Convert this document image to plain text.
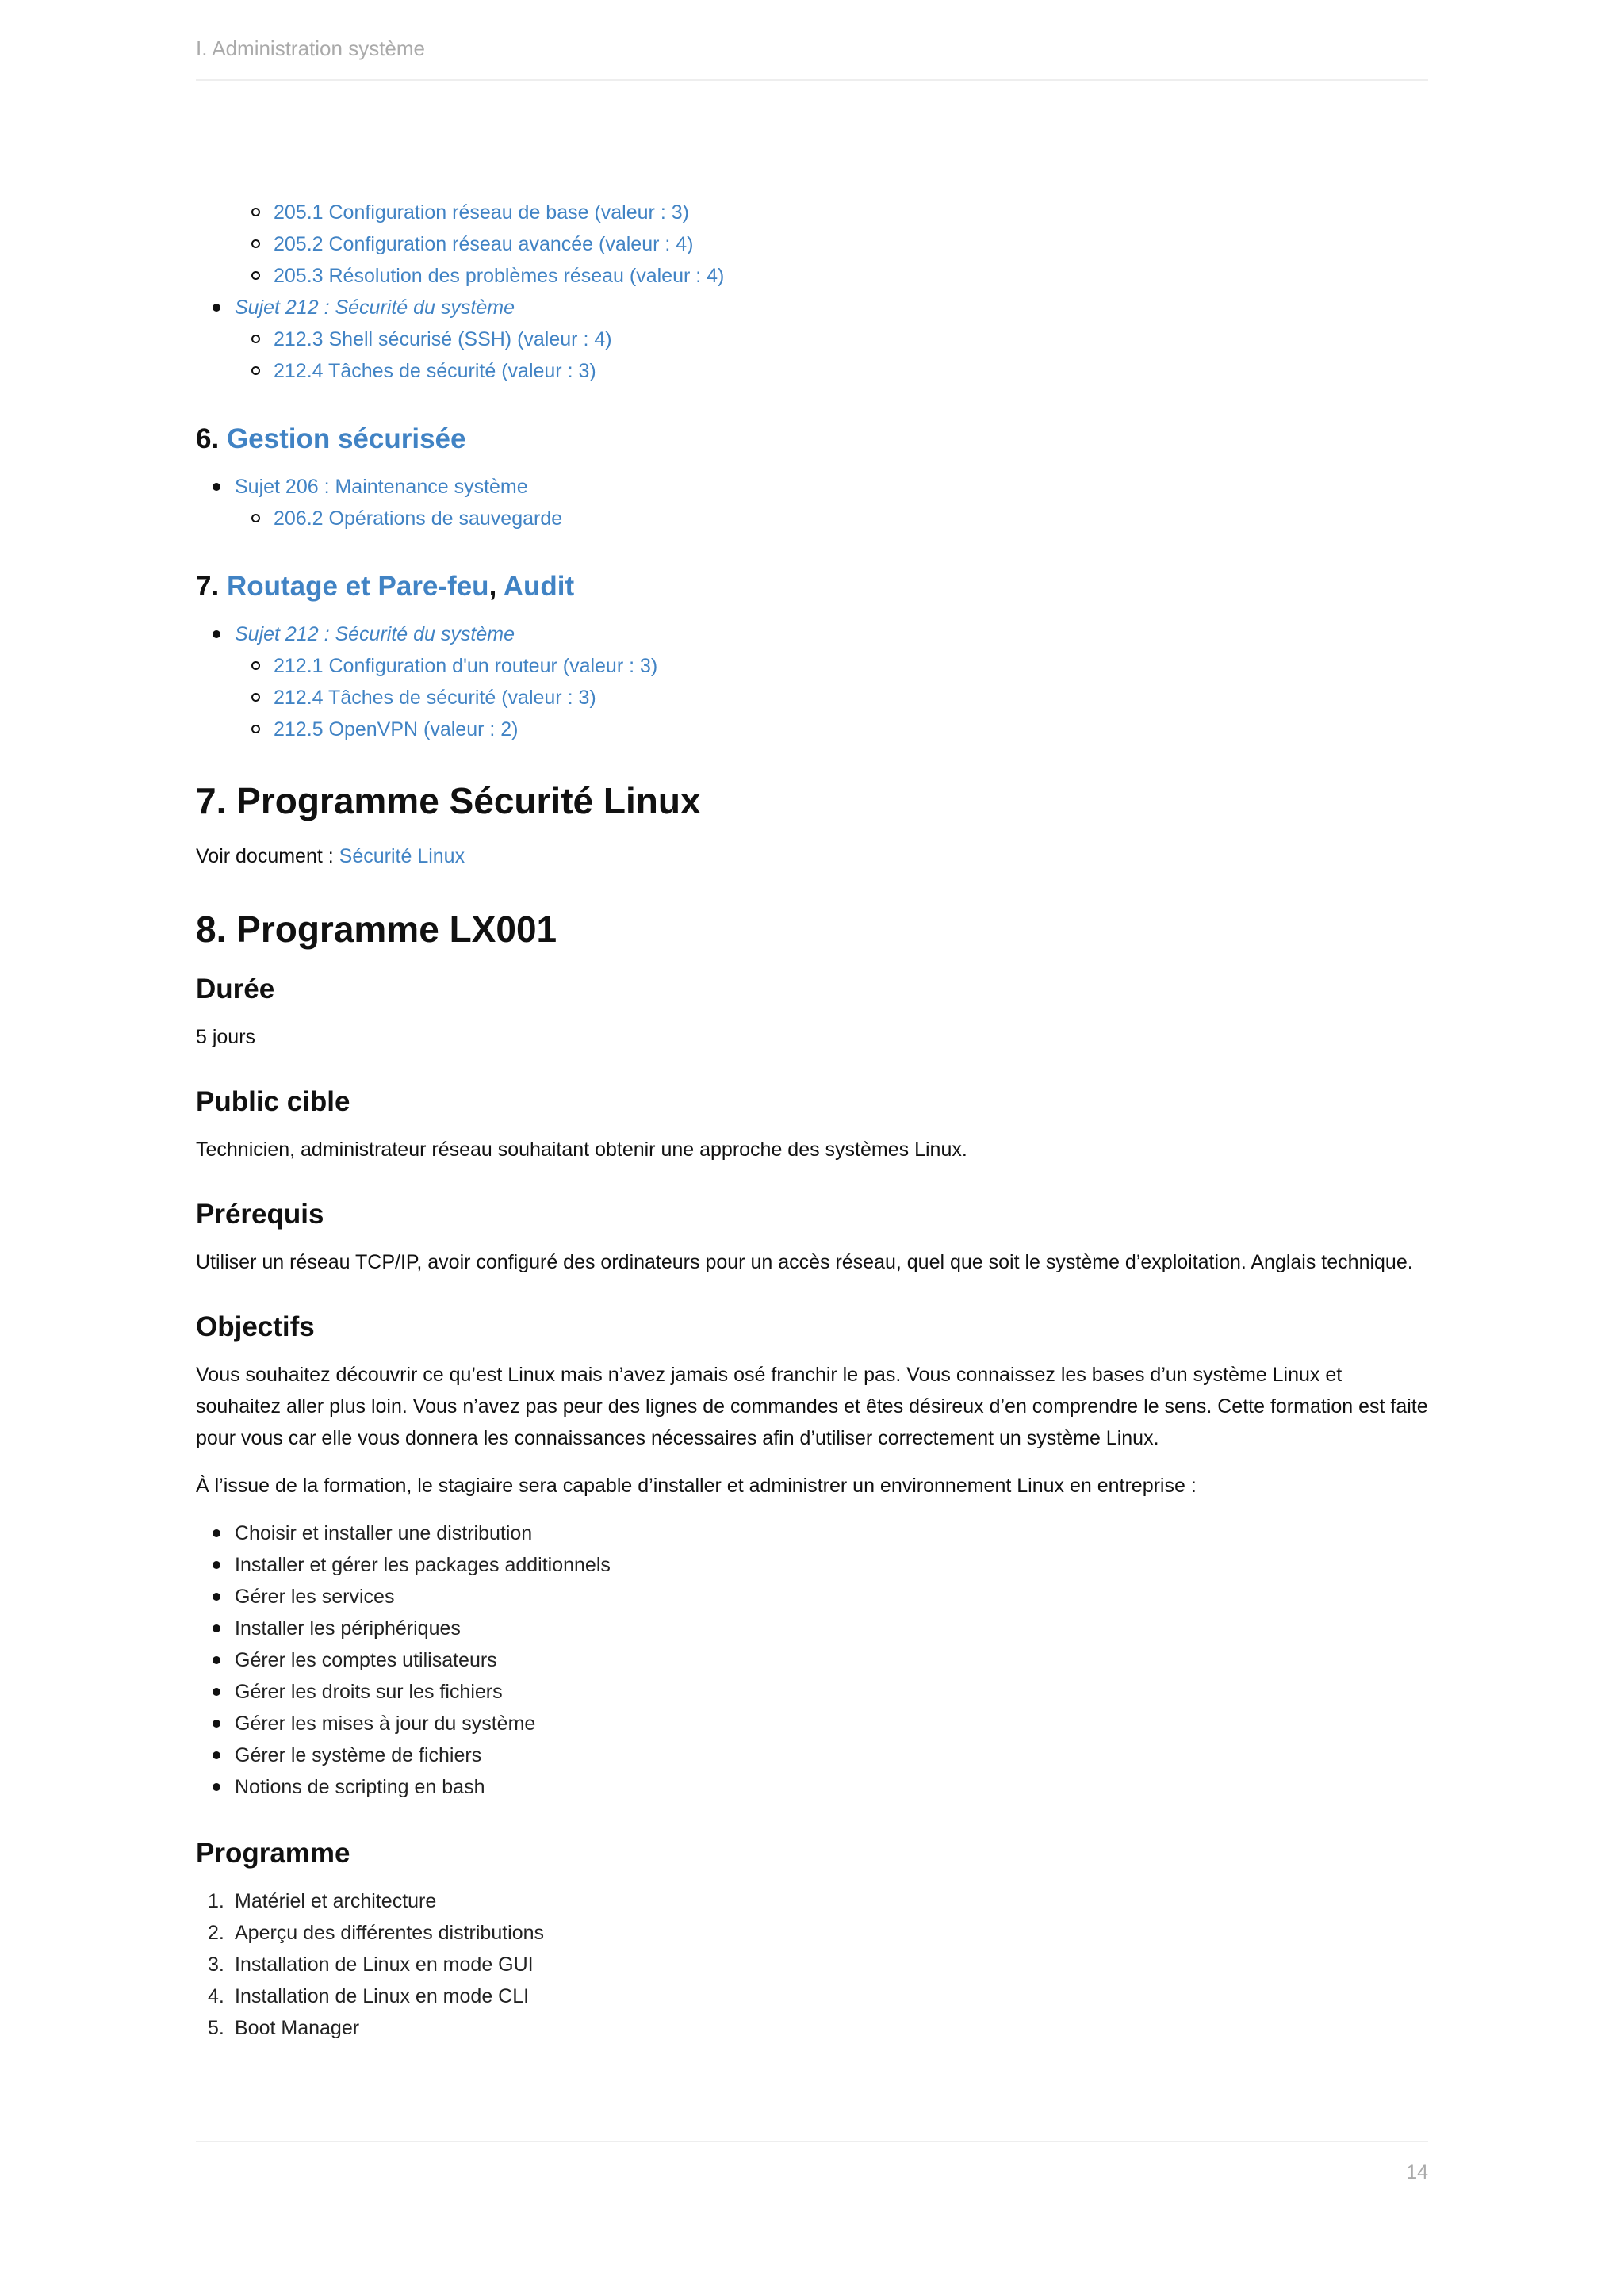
I. Administration système
205.1 Configuration réseau de base (valeur : 3)
205.2 Configuration réseau avancée (valeur : 4)
205.3 Résolution des problèmes réseau (valeur : 4)
Sujet 212 : Sécurité du système
212.3 Shell sécurisé (SSH) (valeur : 4)
212.4 Tâches de sécurité (valeur : 3)
6. Gestion sécurisée
Sujet 206 : Maintenance système
206.2 Opérations de sauvegarde
7. Routage et Pare-feu, Audit
Sujet 212 : Sécurité du système
212.1 Configuration d'un routeur (valeur : 3)
212.4 Tâches de sécurité (valeur : 3)
212.5 OpenVPN (valeur : 2)
7. Programme Sécurité Linux

Voir document : Sécurité Linux

8. Programme LX001
Durée

5 jours

Public cible

Technicien, administrateur réseau souhaitant obtenir une approche des systèmes Linux.

Prérequis

Utiliser un réseau TCP/IP, avoir configuré des ordinateurs pour un accès réseau, quel que soit le système d’exploitation. Anglais technique.

Objectifs

Vous souhaitez découvrir ce qu’est Linux mais n’avez jamais osé franchir le pas. Vous connaissez les bases d’un système Linux et souhaitez aller plus loin. Vous n’avez pas peur des lignes de commandes et êtes désireux d’en comprendre le sens. Cette formation est faite pour vous car elle vous donnera les connaissances nécessaires afin d’utiliser correctement un système Linux.

À l’issue de la formation, le stagiaire sera capable d’installer et administrer un environnement Linux en entreprise :

Choisir et installer une distribution
Installer et gérer les packages additionnels
Gérer les services
Installer les périphériques
Gérer les comptes utilisateurs
Gérer les droits sur les fichiers
Gérer les mises à jour du système
Gérer le système de fichiers
Notions de scripting en bash
Programme
1. Matériel et architecture
2. Aperçu des différentes distributions
3. Installation de Linux en mode GUI
4. Installation de Linux en mode CLI
5. Boot Manager
14
